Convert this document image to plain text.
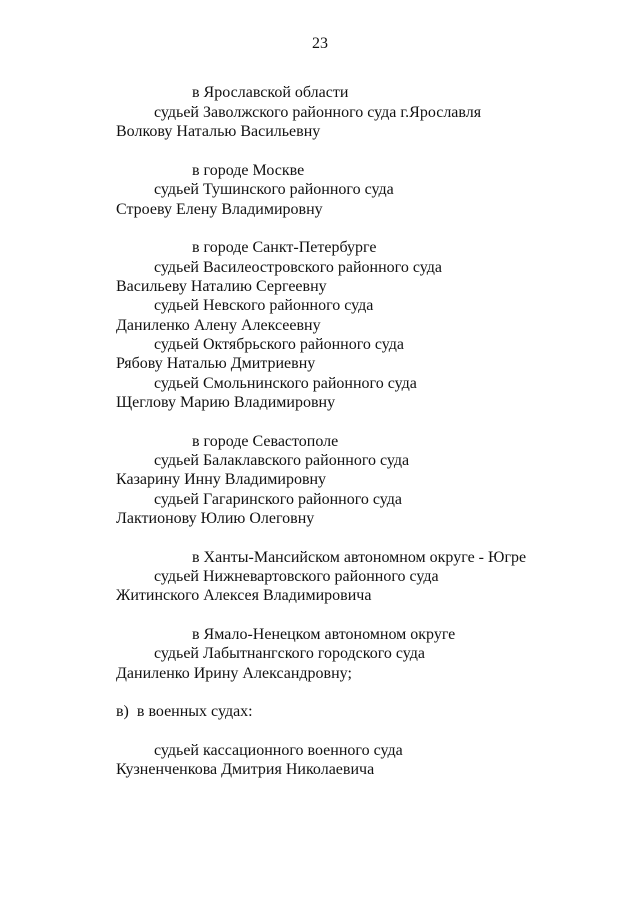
23
в Ярославской области
судьей Заволжского районного суда г.Ярославля
Волкову Наталью Васильевну
в городе Москве
судьей Тушинского районного суда
Строеву Елену Владимировну
в городе Санкт-Петербурге
судьей Василеостровского районного суда
Васильеву Наталию Сергеевну
судьей Невского районного суда
Даниленко Алену Алексеевну
судьей Октябрьского районного суда
Рябову Наталью Дмитриевну
судьей Смольнинского районного суда
Щеглову Марию Владимировну
в городе Севастополе
судьей Балаклавского районного суда
Казарину Инну Владимировну
судьей Гагаринского районного суда
Лактионову Юлию Олеговну
в Ханты-Мансийском автономном округе - Югре
судьей Нижневартовского районного суда
Житинского Алексея Владимировича
в Ямало-Ненецком автономном округе
судьей Лабытнангского городского суда
Даниленко Ирину Александровну;
в)  в военных судах:
судьей кассационного военного суда
Кузненченкова Дмитрия Николаевича
